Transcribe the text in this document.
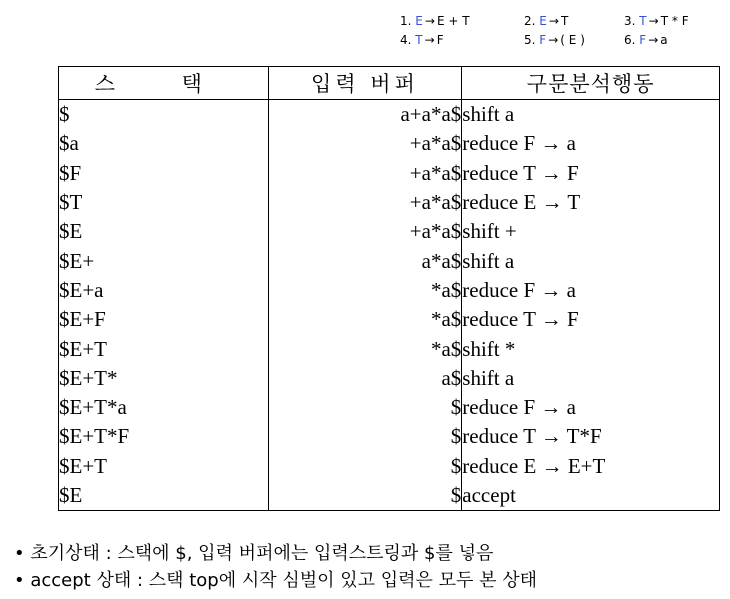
1. E → E + T	2. E → T	3. T → T * F
4. T → F	5. F → ( E )	6. F → a
스 택	입력 버퍼	구문분석행동
$	a+a*a$	shift a
$a	+a*a$	reduce F → a
$F	+a*a$	reduce T → F
$T	+a*a$	reduce E → T
$E	+a*a$	shift +
$E+	a*a$	shift a
$E+a	*a$	reduce F → a
$E+F	*a$	reduce T → F
$E+T	*a$	shift *
$E+T*	a$	shift a
$E+T*a	$	reduce F → a
$E+T*F	$	reduce T → T*F
$E+T	$	reduce E → E+T
$E	$	accept
• 초기상태 : 스택에 $, 입력 버퍼에는 입력스트링과 $를 넣음
• accept 상태 : 스택 top에 시작 심벌이 있고 입력은 모두 본 상태
